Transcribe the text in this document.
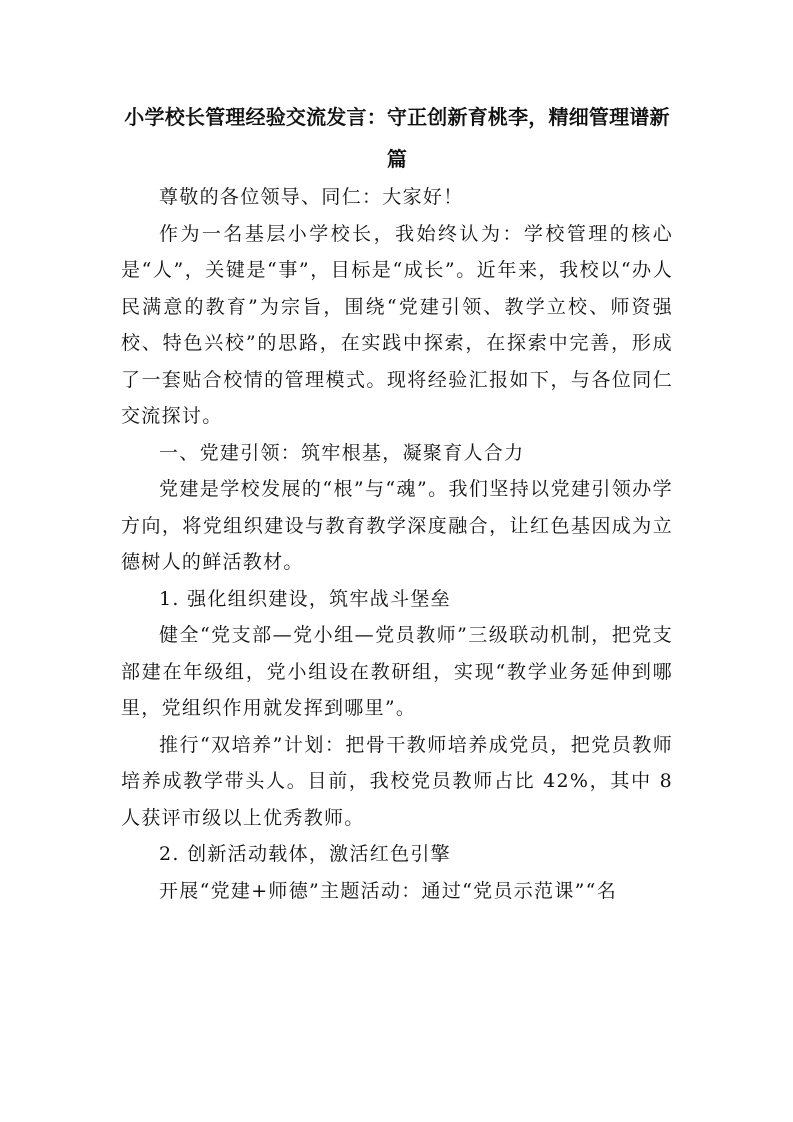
小学校长管理经验交流发言：守正创新育桃李，精细管理谱新篇

尊敬的各位领导、同仁：大家好！

作为一名基层小学校长，我始终认为：学校管理的核心是“人”，关键是“事”，目标是“成长”。近年来，我校以“办人民满意的教育”为宗旨，围绕“党建引领、教学立校、师资强校、特色兴校”的思路，在实践中探索，在探索中完善，形成了一套贴合校情的管理模式。现将经验汇报如下，与各位同仁交流探讨。

一、党建引领：筑牢根基，凝聚育人合力

党建是学校发展的“根”与“魂”。我们坚持以党建引领办学方向，将党组织建设与教育教学深度融合，让红色基因成为立德树人的鲜活教材。

1. 强化组织建设，筑牢战斗堡垒

健全“党支部—党小组—党员教师”三级联动机制，把党支部建在年级组，党小组设在教研组，实现“教学业务延伸到哪里，党组织作用就发挥到哪里”。

推行“双培养”计划：把骨干教师培养成党员，把党员教师培养成教学带头人。目前，我校党员教师占比 42%，其中 8 人获评市级以上优秀教师。

2. 创新活动载体，激活红色引擎

开展“党建+师德”主题活动：通过“党员示范课”“名
